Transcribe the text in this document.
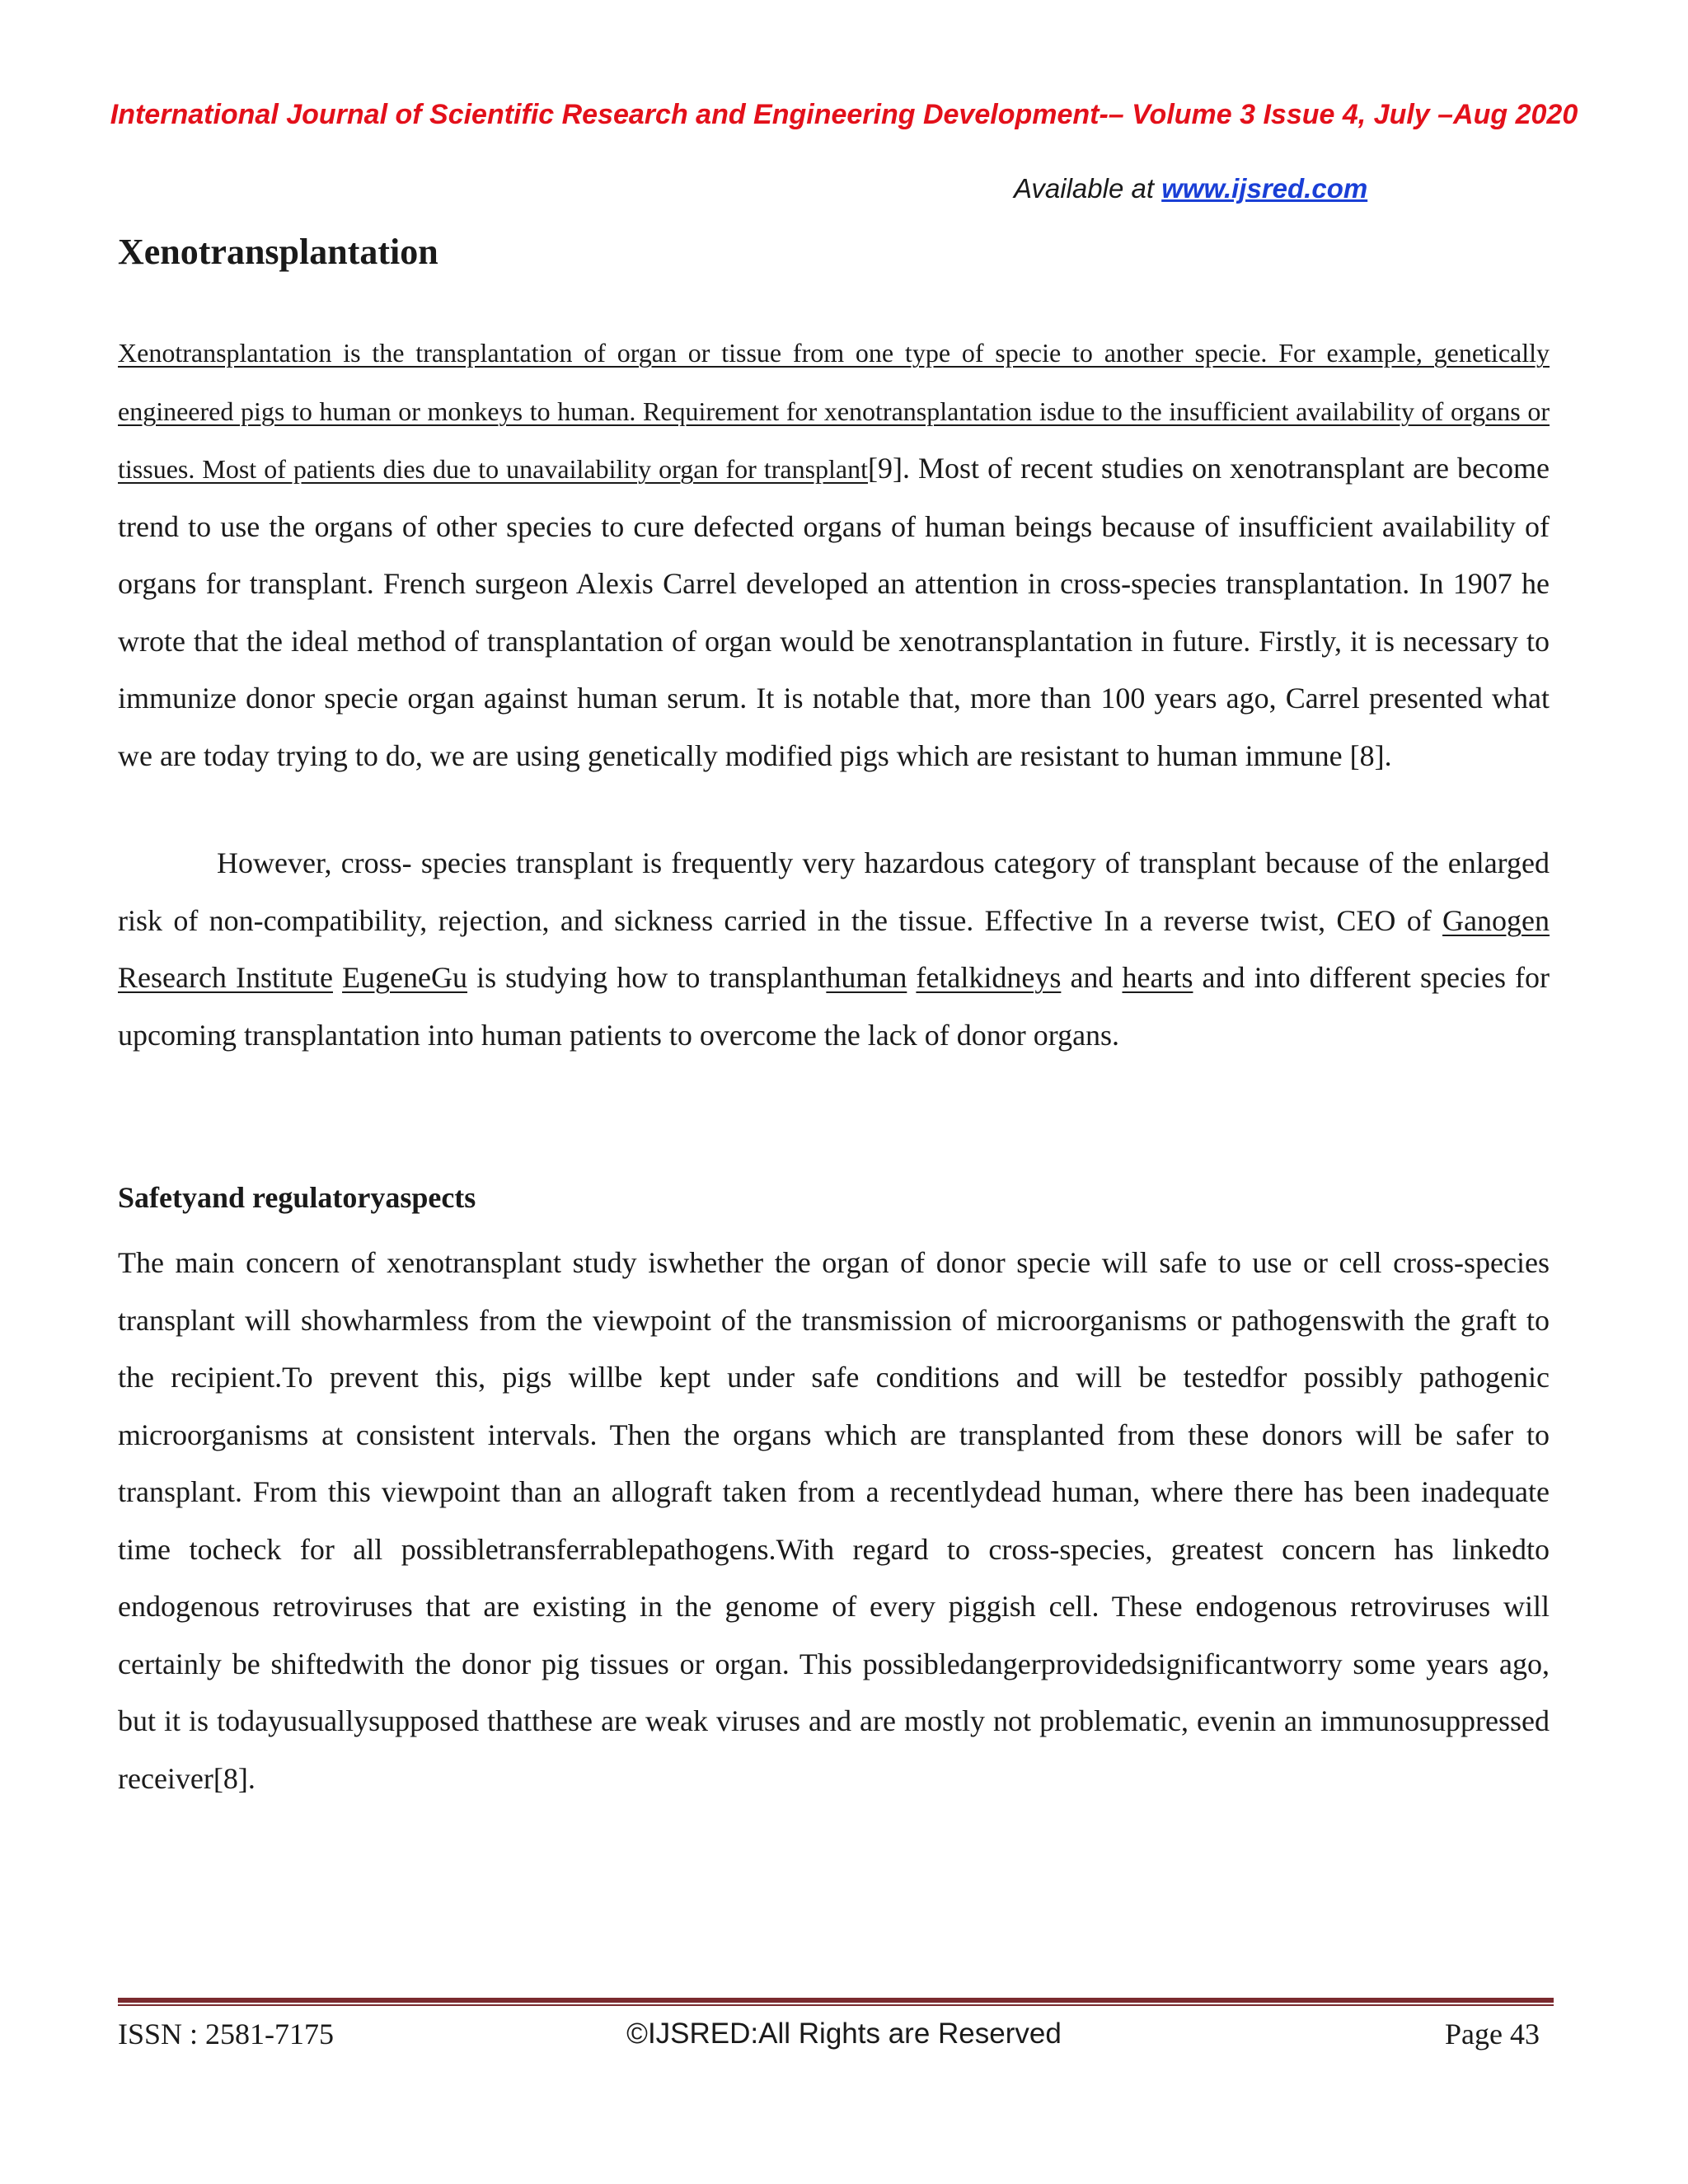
International Journal of Scientific Research and Engineering Development-– Volume 3 Issue 4, July –Aug 2020
Available at www.ijsred.com
Xenotransplantation

Xenotransplantation is the transplantation of organ or tissue from one type of specie to another specie. For example, genetically engineered pigs to human or monkeys to human. Requirement for xenotransplantation isdue to the insufficient availability of organs or tissues. Most of patients dies due to unavailability organ for transplant[9]. Most of recent studies on xenotransplant are become trend to use the organs of other species to cure defected organs of human beings because of insufficient availability of organs for transplant. French surgeon Alexis Carrel developed an attention in cross-species transplantation. In 1907 he wrote that the ideal method of transplantation of organ would be xenotransplantation in future. Firstly, it is necessary to immunize donor specie organ against human serum. It is notable that, more than 100 years ago, Carrel presented what we are today trying to do, we are using genetically modified pigs which are resistant to human immune [8].

However, cross- species transplant is frequently very hazardous category of transplant because of the enlarged risk of non-compatibility, rejection, and sickness carried in the tissue. Effective In a reverse twist, CEO of Ganogen Research Institute EugeneGu is studying how to transplanthuman fetalkidneys and hearts and into different species for upcoming transplantation into human patients to overcome the lack of donor organs.

Safetyand regulatoryaspects

The main concern of xenotransplant study iswhether the organ of donor specie will safe to use or cell cross-species transplant will showharmless from the viewpoint of the transmission of microorganisms or pathogenswith the graft to the recipient.To prevent this, pigs willbe kept under safe conditions and will be testedfor possibly pathogenic microorganisms at consistent intervals. Then the organs which are transplanted from these donors will be safer to transplant. From this viewpoint than an allograft taken from a recentlydead human, where there has been inadequate time tocheck for all possibletransferrablepathogens.With regard to cross-species, greatest concern has linkedto endogenous retroviruses that are existing in the genome of every piggish cell. These endogenous retroviruses will certainly be shiftedwith the donor pig tissues or organ. This possibledangerprovidedsignificantworry some years ago, but it is todayusuallysupposed thatthese are weak viruses and are mostly not problematic, evenin an immunosuppressed receiver[8].

ISSN : 2581-7175	©IJSRED:All Rights are Reserved	Page 43
